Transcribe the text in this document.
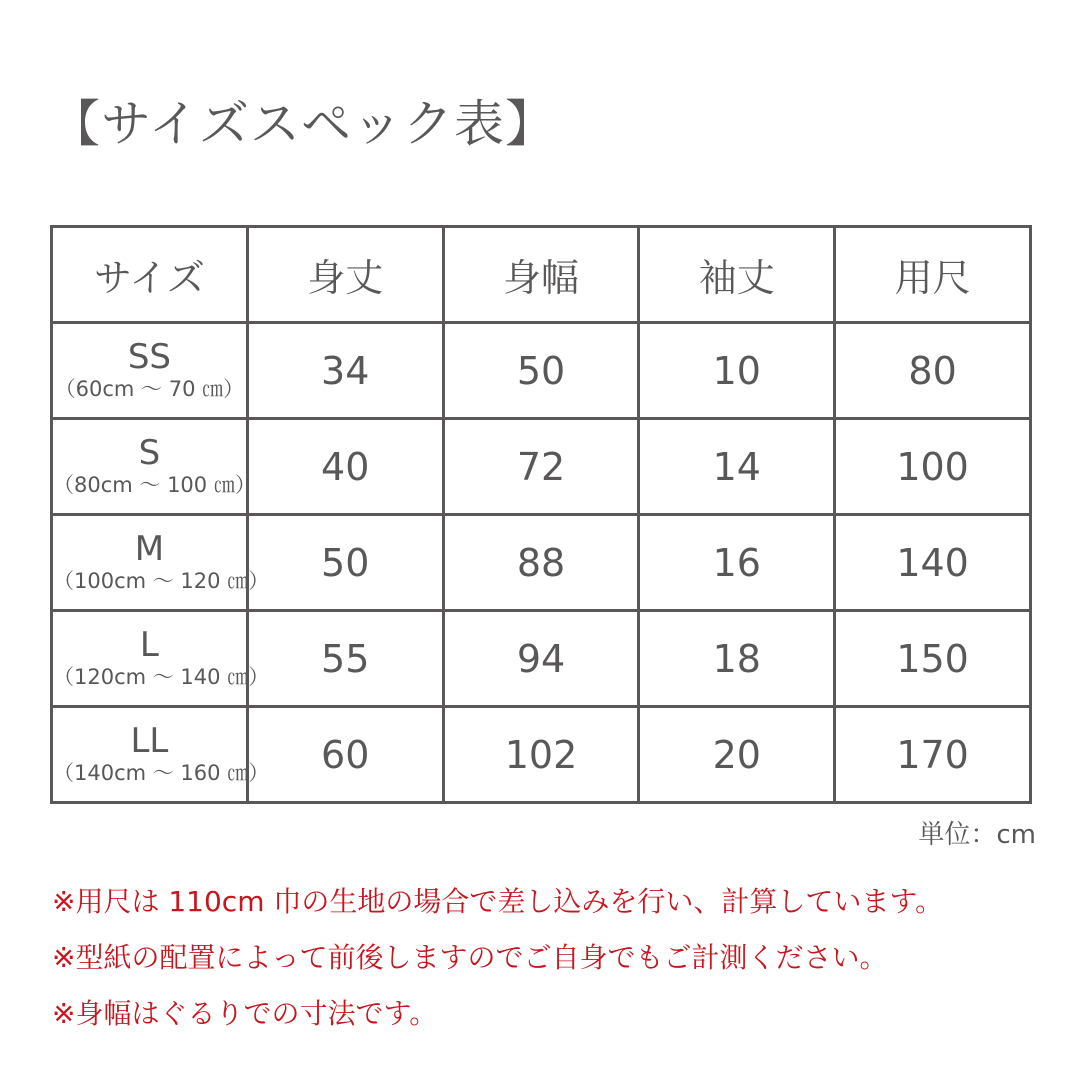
【サイズスペック表】
サイズ	身丈	身幅	袖丈	用尺

SS
（60cm 〜 70 ㎝）	34	50	10	80

S
（80cm 〜 100 ㎝）	40	72	14	100

M
（100cm 〜 120 ㎝）	50	88	16	140

L
（120cm 〜 140 ㎝）	55	94	18	150

LL
（140cm 〜 160 ㎝）	60	102	20	170
単位：cm
※用尺は 110cm 巾の生地の場合で差し込みを行い、計算しています。
※型紙の配置によって前後しますのでご自身でもご計測ください。
※身幅はぐるりでの寸法です。
